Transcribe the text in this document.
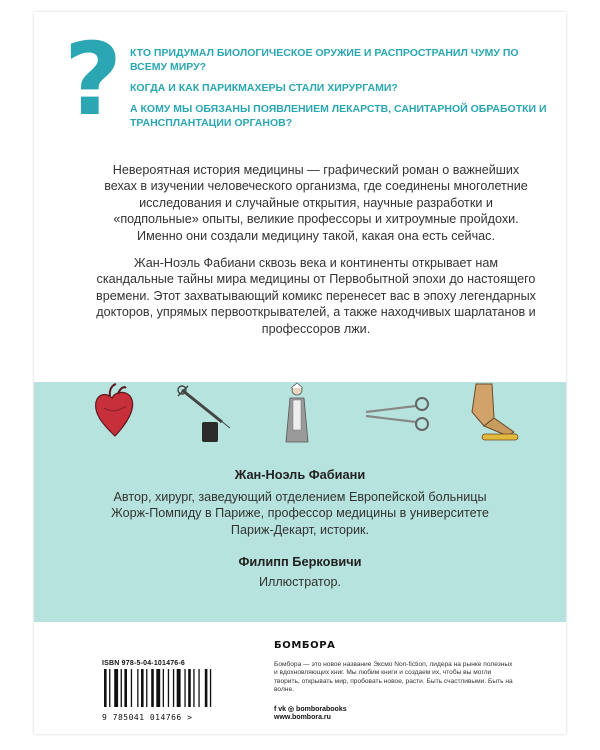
? КТО ПРИДУМАЛ БИОЛОГИЧЕСКОЕ ОРУЖИЕ И РАСПРОСТРАНИЛ ЧУМУ ПО ВСЕМУ МИРУ?
КОГДА И КАК ПАРИКМАХЕРЫ СТАЛИ ХИРУРГАМИ?
А КОМУ МЫ ОБЯЗАНЫ ПОЯВЛЕНИЕМ ЛЕКАРСТВ, САНИТАРНОЙ ОБРАБОТКИ И ТРАНСПЛАНТАЦИИ ОРГАНОВ?

Невероятная история медицины — графический роман о важнейших вехах в изучении человеческого организма, где соединены многолетние исследования и случайные открытия, научные разработки и «подпольные» опыты, великие профессоры и хитроумные пройдохи. Именно они создали медицину такой, какая она есть сейчас.

Жан-Ноэль Фабиани сквозь века и континенты открывает нам скандальные тайны мира медицины от Первобытной эпохи до настоящего времени. Этот захватывающий комикс перенесет вас в эпоху легендарных докторов, упрямых первооткрывателей, а также находчивых шарлатанов и профессоров лжи.

Жан-Ноэль Фабиани
Автор, хирург, заведующий отделением Европейской больницы Жорж-Помпиду в Париже, профессор медицины в университете Париж-Декарт, историк.
Филипп Берковичи
Иллюстратор.
ISBN 978-5-04-101476-6
9 785041 014766 >
БОМБОРА
Бомбора — это новое название Эксмо Non-fiction, лидера на рынке полезных и вдохновляющих книг. Мы любим книги и создаем их, чтобы вы могли творить, открывать мир, пробовать новое, расти. Быть счастливыми. Быть на волне.
f vk ◎ bomborabooks
www.bombora.ru
